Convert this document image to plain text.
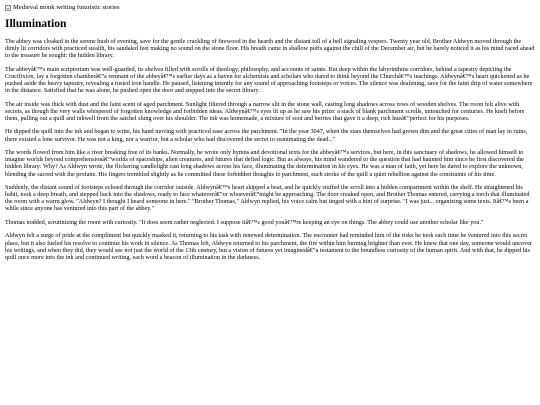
Medieval monk writing futuristic stories
Illumination

The abbey was cloaked in the serene hush of evening, save for the gentle crackling of firewood in the hearth and the distant toll of a bell signaling vespers. Twenty year old, Brother Aldwyn moved through the dimly lit corridors with practiced stealth, his sandaled feet making no sound on the stone floor. His breath came in shallow puffs against the chill of the December air, but he barely noticed it as his mind raced ahead to the treasure he sought: the hidden library.

The abbeyâ€™s main scriptorium was well-guarded, its shelves filled with scrolls of theology, philosophy, and accounts of saints. But deep within the labyrinthine corridors, behind a tapestry depicting the Crucifixion, lay a forgotten chamberâ€”a remnant of the abbeyâ€™s earlier days as a haven for alchemists and scholars who dared to think beyond the Churchâ€™s teachings. Aldwynâ€™s heart quickened as he pushed aside the heavy tapestry, revealing a rusted iron handle. He paused, listening intently for any sound of approaching footsteps or voices. The silence was deafening, save for the faint drip of water somewhere in the distance. Satisfied that he was alone, he pushed open the door and stepped into the secret library.

The air inside was thick with dust and the faint scent of aged parchment. Sunlight filtered through a narrow slit in the stone wall, casting long shadows across rows of wooden shelves. The room felt alive with secrets, as though the very walls whispered of forgotten knowledge and forbidden ideas. Aldwynâ€™s eyes lit up as he saw his prize: a stack of blank parchment scrolls, untouched for centuries. He knelt before them, pulling out a quill and inkwell from the satchel slung over his shoulder. The ink was homemade, a mixture of soot and berries that gave it a deep, rich hueâ€”perfect for his purposes.

He dipped the quill into the ink and began to write, his hand moving with practiced ease across the parchment. "In the year 3047, when the stars themselves had grown dim and the great cities of man lay in ruins, there existed a lone survivor. He was not a king, nor a warrior, but a scholar who had discovered the secret to reanimating the dead..."

The words flowed from him like a river breaking free of its banks. Normally, he wrote only hymns and devotional texts for the abbeyâ€™s services, but here, in this sanctuary of shadows, he allowed himself to imagine worlds beyond comprehensionâ€”worlds of spaceships, alien creatures, and futures that defied logic. But as always, his mind wandered to the question that had haunted him since he first discovered the hidden library: Why? As Aldwyn wrote, the flickering candlelight cast long shadows across his face, illuminating the determination in his eyes. He was a man of faith, yet here he dared to explore the unknown, blending the sacred with the profane. His fingers trembled slightly as he committed these forbidden thoughts to parchment, each stroke of the quill a quiet rebellion against the constraints of his time.

Suddenly, the distant sound of footsteps echoed through the corridor outside. Aldwynâ€™s heart skipped a beat, and he quickly stuffed the scroll into a hidden compartment within the shelf. He straightened his habit, took a deep breath, and stepped back into the shadows, ready to face whateverâ€”or whoeverâ€”might be approaching. The door creaked open, and Brother Thomas entered, carrying a torch that illuminated the room with a warm glow. "Aldwyn? I thought I heard someone in here." "Brother Thomas," Aldwyn replied, his voice calm but tinged with a hint of surprise. "I was just... organizing some texts. Itâ€™s been a while since anyone has ventured into this part of the abbey."

Thomas nodded, scrutinizing the room with curiosity. "It does seem rather neglected. I suppose itâ€™s good youâ€™re keeping an eye on things. The abbey could use another scholar like you."

Aldwyn felt a surge of pride at the compliment but quickly masked it, returning to his task with renewed determination. The encounter had reminded him of the risks he took each time he ventured into this secret place, but it also fueled his resolve to continue his work in silence. As Thomas left, Aldwyn returned to his parchment, the fire within him burning brighter than ever. He knew that one day, someone would uncover his writings, and when they did, they would see not just the world of the 13th century, but a vision of futures yet imaginedâ€”a testament to the boundless curiosity of the human spirit. And with that, he dipped his quill once more into the ink and continued writing, each word a beacon of illumination in the darkness.
